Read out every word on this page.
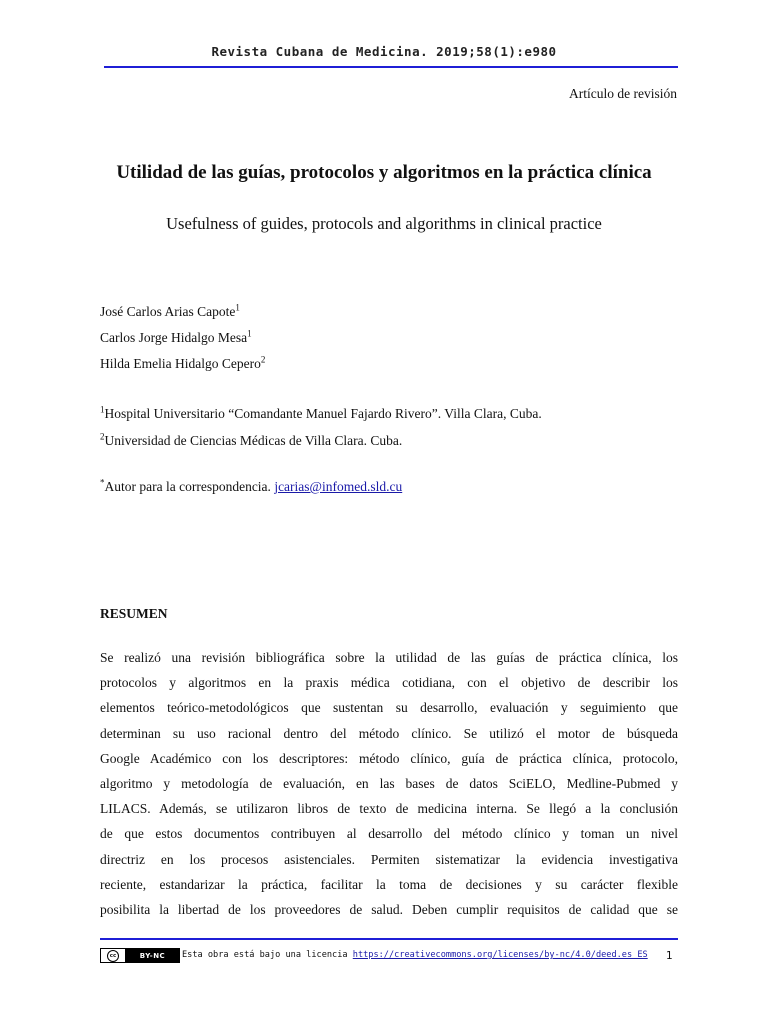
Revista Cubana de Medicina. 2019;58(1):e980
Artículo de revisión
Utilidad de las guías, protocolos y algoritmos en la práctica clínica
Usefulness of guides, protocols and algorithms in clinical practice
José Carlos Arias Capote$^1$
Carlos Jorge Hidalgo Mesa$^1$
Hilda Emelia Hidalgo Cepero$^2$
$^1$Hospital Universitario “Comandante Manuel Fajardo Rivero”. Villa Clara, Cuba.
$^2$Universidad de Ciencias Médicas de Villa Clara. Cuba.
*Autor para la correspondencia. jcarias@infomed.sld.cu
RESUMEN
Se realizó una revisión bibliográfica sobre la utilidad de las guías de práctica clínica, los
protocolos y algoritmos en la praxis médica cotidiana, con el objetivo de describir los
elementos teórico-metodológicos que sustentan su desarrollo, evaluación y seguimiento que
determinan su uso racional dentro del método clínico. Se utilizó el motor de búsqueda
Google Académico con los descriptores: método clínico, guía de práctica clínica, protocolo,
algoritmo y metodología de evaluación, en las bases de datos SciELO, Medline-Pubmed y
LILACS. Además, se utilizaron libros de texto de medicina interna. Se llegó a la conclusión
de que estos documentos contribuyen al desarrollo del método clínico y toman un nivel
directriz en los procesos asistenciales. Permiten sistematizar la evidencia investigativa
reciente, estandarizar la práctica, facilitar la toma de decisiones y su carácter flexible
posibilita la libertad de los proveedores de salud. Deben cumplir requisitos de calidad que se
cc	BY-NC	Esta obra está bajo una licencia https://creativecommons.org/licenses/by-nc/4.0/deed.es_ES 1
